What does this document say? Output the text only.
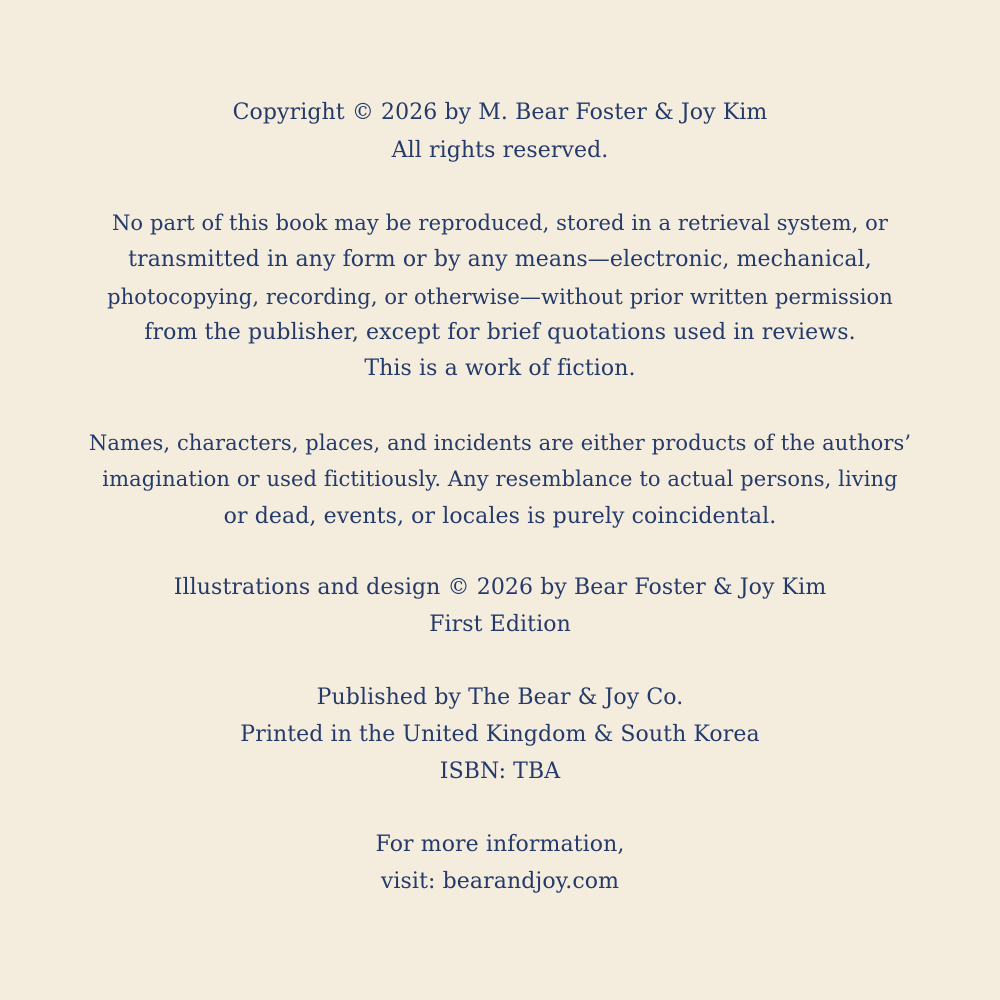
Copyright © 2026 by M. Bear Foster & Joy Kim
All rights reserved.
No part of this book may be reproduced, stored in a retrieval system, or
transmitted in any form or by any means—electronic, mechanical,
photocopying, recording, or otherwise—without prior written permission
from the publisher, except for brief quotations used in reviews.
This is a work of fiction.
Names, characters, places, and incidents are either products of the authors’
imagination or used fictitiously. Any resemblance to actual persons, living
or dead, events, or locales is purely coincidental.
Illustrations and design © 2026 by Bear Foster & Joy Kim
First Edition
Published by The Bear & Joy Co.
Printed in the United Kingdom & South Korea
ISBN: TBA
For more information,
visit: bearandjoy.com
